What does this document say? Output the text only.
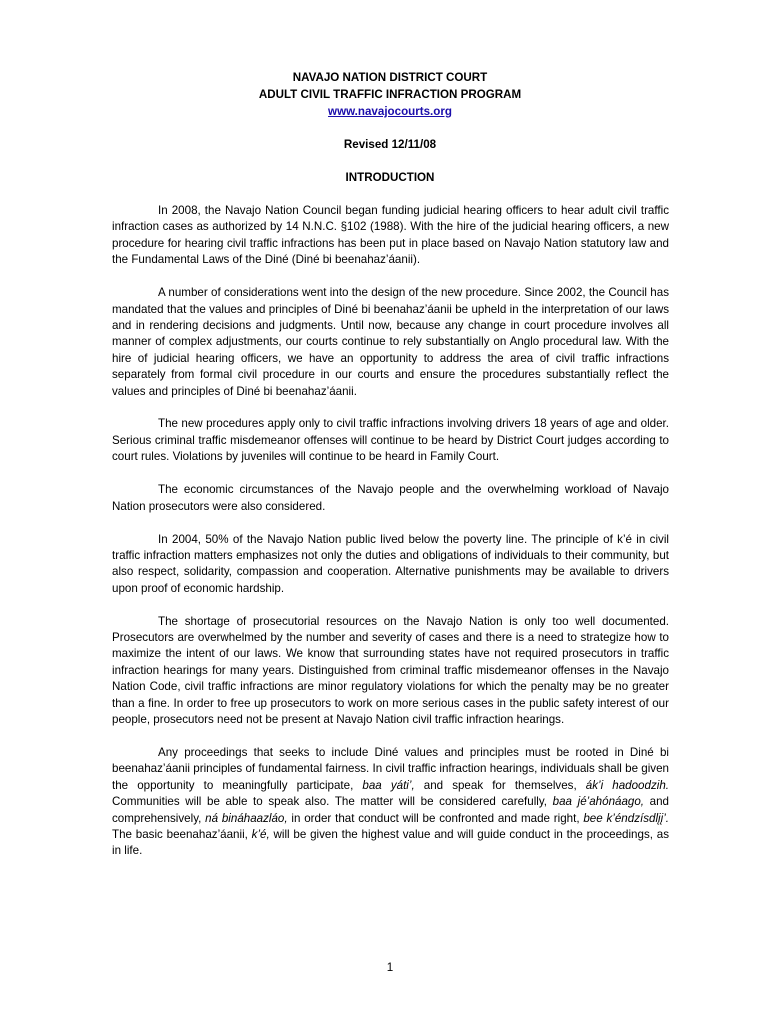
NAVAJO NATION DISTRICT COURT
ADULT CIVIL TRAFFIC INFRACTION PROGRAM
www.navajocourts.org
Revised 12/11/08
INTRODUCTION

In 2008, the Navajo Nation Council began funding judicial hearing officers to hear adult civil traffic infraction cases as authorized by 14 N.N.C. §102 (1988). With the hire of the judicial hearing officers, a new procedure for hearing civil traffic infractions has been put in place based on Navajo Nation statutory law and the Fundamental Laws of the Diné (Diné bi beenahaz’áanii).

A number of considerations went into the design of the new procedure. Since 2002, the Council has mandated that the values and principles of Diné bi beenahaz’áanii be upheld in the interpretation of our laws and in rendering decisions and judgments. Until now, because any change in court procedure involves all manner of complex adjustments, our courts continue to rely substantially on Anglo procedural law. With the hire of judicial hearing officers, we have an opportunity to address the area of civil traffic infractions separately from formal civil procedure in our courts and ensure the procedures substantially reflect the values and principles of Diné bi beenahaz’áanii.

The new procedures apply only to civil traffic infractions involving drivers 18 years of age and older. Serious criminal traffic misdemeanor offenses will continue to be heard by District Court judges according to court rules. Violations by juveniles will continue to be heard in Family Court.

The economic circumstances of the Navajo people and the overwhelming workload of Navajo Nation prosecutors were also considered.

In 2004, 50% of the Navajo Nation public lived below the poverty line. The principle of k’é in civil traffic infraction matters emphasizes not only the duties and obligations of individuals to their community, but also respect, solidarity, compassion and cooperation. Alternative punishments may be available to drivers upon proof of economic hardship.

The shortage of prosecutorial resources on the Navajo Nation is only too well documented. Prosecutors are overwhelmed by the number and severity of cases and there is a need to strategize how to maximize the intent of our laws. We know that surrounding states have not required prosecutors in traffic infraction hearings for many years. Distinguished from criminal traffic misdemeanor offenses in the Navajo Nation Code, civil traffic infractions are minor regulatory violations for which the penalty may be no greater than a fine. In order to free up prosecutors to work on more serious cases in the public safety interest of our people, prosecutors need not be present at Navajo Nation civil traffic infraction hearings.

Any proceedings that seeks to include Diné values and principles must be rooted in Diné bi beenahaz’áanii principles of fundamental fairness. In civil traffic infraction hearings, individuals shall be given the opportunity to meaningfully participate, baa yáti’, and speak for themselves, ák’i hadoodzih. Communities will be able to speak also. The matter will be considered carefully, baa jé’ahónáago, and comprehensively, ná bináhaazláo, in order that conduct will be confronted and made right, bee k’éndzísdlįį’. The basic beenahaz’áanii, k’é, will be given the highest value and will guide conduct in the proceedings, as in life.

1
